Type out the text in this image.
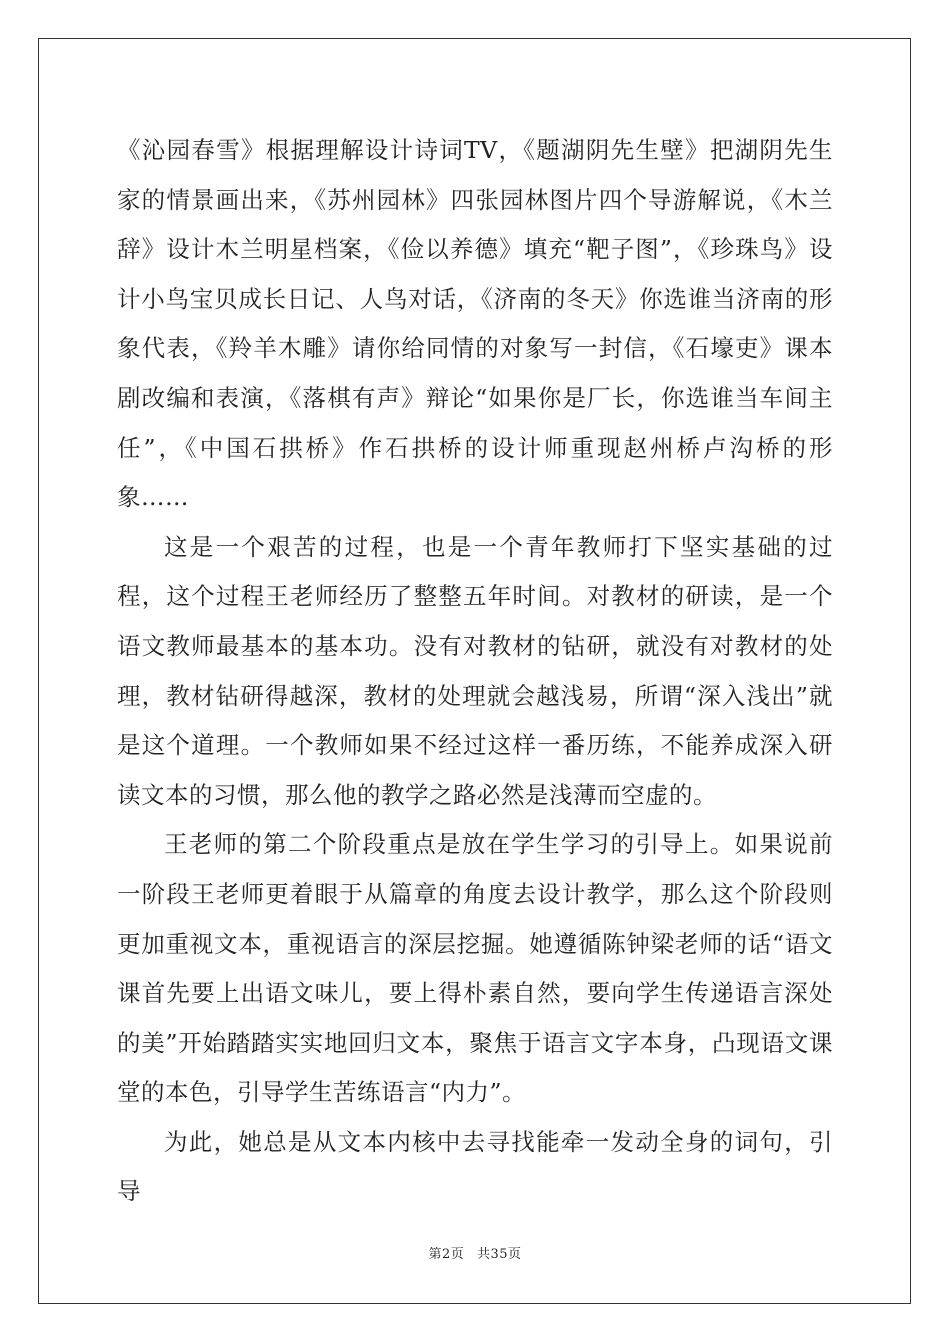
《沁园春雪》根据理解设计诗词TV，《题湖阴先生壁》把湖阴先生家的情景画出来，《苏州园林》四张园林图片四个导游解说，《木兰辞》设计木兰明星档案，《俭以养德》填充“靶子图”，《珍珠鸟》设计小鸟宝贝成长日记、人鸟对话，《济南的冬天》你选谁当济南的形象代表，《羚羊木雕》请你给同情的对象写一封信，《石壕吏》课本剧改编和表演，《落棋有声》辩论“如果你是厂长，你选谁当车间主任”，《中国石拱桥》作石拱桥的设计师重现赵州桥卢沟桥的形象……

这是一个艰苦的过程，也是一个青年教师打下坚实基础的过程，这个过程王老师经历了整整五年时间。对教材的研读，是一个语文教师最基本的基本功。没有对教材的钻研，就没有对教材的处理，教材钻研得越深，教材的处理就会越浅易，所谓“深入浅出”就是这个道理。一个教师如果不经过这样一番历练，不能养成深入研读文本的习惯，那么他的教学之路必然是浅薄而空虚的。

王老师的第二个阶段重点是放在学生学习的引导上。如果说前一阶段王老师更着眼于从篇章的角度去设计教学，那么这个阶段则更加重视文本，重视语言的深层挖掘。她遵循陈钟梁老师的话“语文课首先要上出语文味儿，要上得朴素自然，要向学生传递语言深处的美”开始踏踏实实地回归文本，聚焦于语言文字本身，凸现语文课堂的本色，引导学生苦练语言“内力”。

为此，她总是从文本内核中去寻找能牵一发动全身的词句，引导

第2页 共35页
